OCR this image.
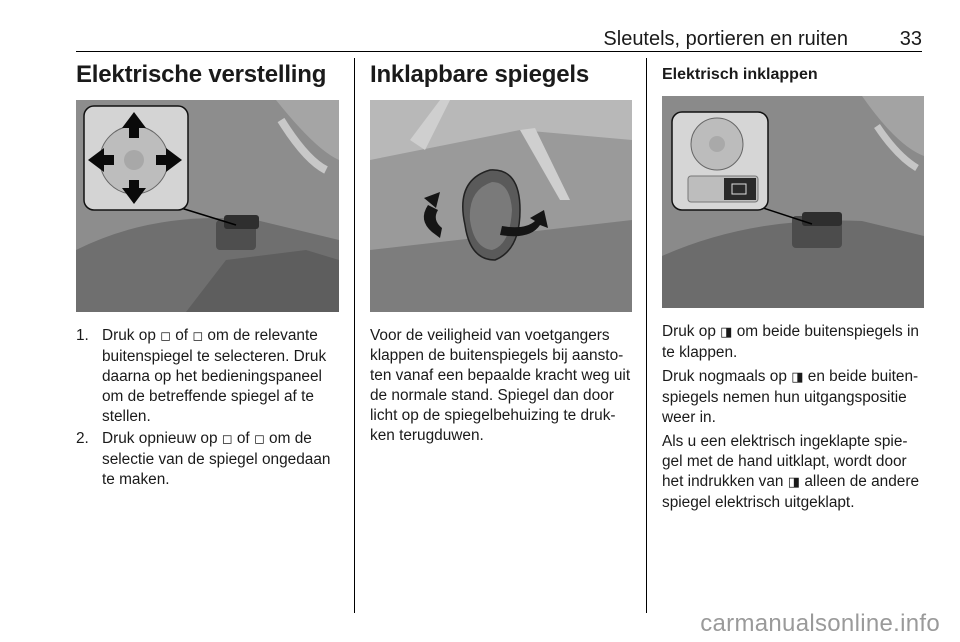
Sleutels, portieren en ruiten	33
Elektrische verstelling
1. Druk op ◻ of ◻ om de relevante buitenspiegel te selecteren. Druk daarna op het bedieningspaneel om de betreffende spiegel af te stellen.
2. Druk opnieuw op ◻ of ◻ om de selectie van de spiegel ongedaan te maken.
Inklapbare spiegels

Voor de veiligheid van voetgangers klappen de buitenspiegels bij aansto-ten vanaf een bepaalde kracht weg uit de normale stand. Spiegel dan door licht op de spiegelbehuizing te druk-ken terugduwen.

Elektrisch inklappen

Druk op ◨ om beide buitenspiegels in te klappen.

Druk nogmaals op ◨ en beide buiten-spiegels nemen hun uitgangspositie weer in.

Als u een elektrisch ingeklapte spie-gel met de hand uitklapt, wordt door het indrukken van ◨ alleen de andere spiegel elektrisch uitgeklapt.

carmanualsonline.info
